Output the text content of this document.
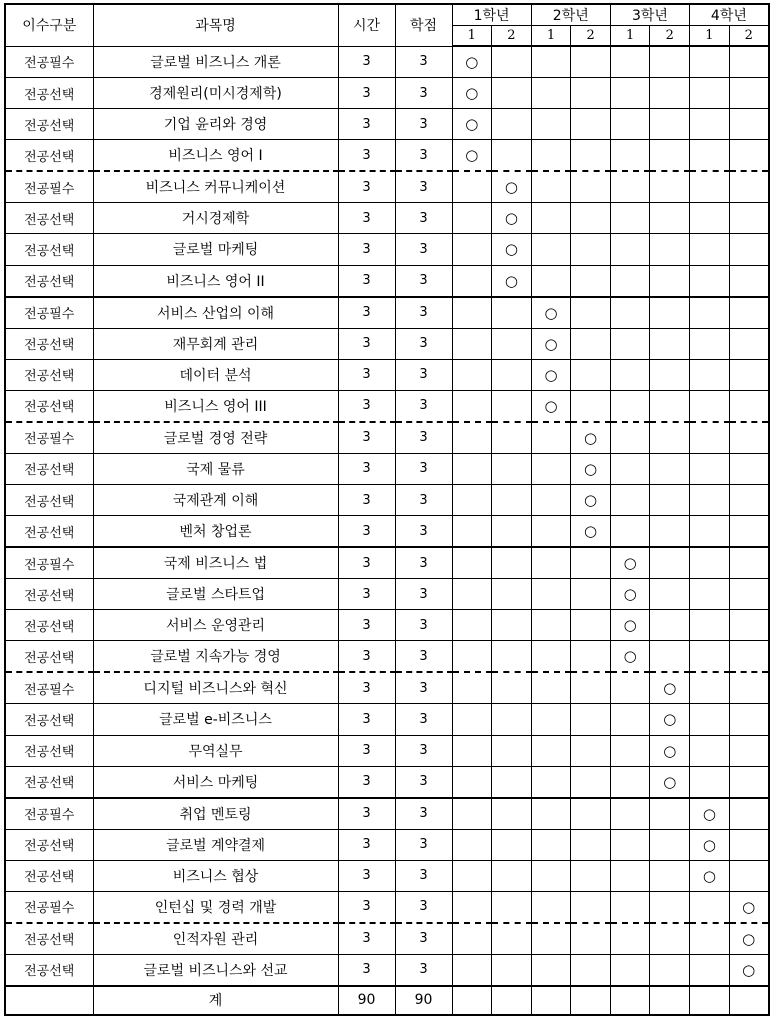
이수구분	과목명	시간	학점	1학년		2학년		3학년		4학년	
				1	2	1	2	1	2	1	2
전공필수	글로벌 비즈니스 개론	3	3	○							
전공선택	경제원리(미시경제학)	3	3	○							
전공선택	기업 윤리와 경영	3	3	○							
전공선택	비즈니스 영어 I	3	3	○							
전공필수	비즈니스 커뮤니케이션	3	3		○						
전공선택	거시경제학	3	3		○						
전공선택	글로벌 마케팅	3	3		○						
전공선택	비즈니스 영어 II	3	3		○						
전공필수	서비스 산업의 이해	3	3			○					
전공선택	재무회계 관리	3	3			○					
전공선택	데이터 분석	3	3			○					
전공선택	비즈니스 영어 III	3	3			○					
전공필수	글로벌 경영 전략	3	3				○				
전공선택	국제 물류	3	3				○				
전공선택	국제관계 이해	3	3				○				
전공선택	벤처 창업론	3	3				○				
전공필수	국제 비즈니스 법	3	3					○			
전공선택	글로벌 스타트업	3	3					○			
전공선택	서비스 운영관리	3	3					○			
전공선택	글로벌 지속가능 경영	3	3					○			
전공필수	디지털 비즈니스와 혁신	3	3						○		
전공선택	글로벌 e-비즈니스	3	3						○		
전공선택	무역실무	3	3						○		
전공선택	서비스 마케팅	3	3						○		
전공필수	취업 멘토링	3	3							○	
전공선택	글로벌 계약결제	3	3							○	
전공선택	비즈니스 협상	3	3							○	
전공필수	인턴십 및 경력 개발	3	3								○
전공선택	인적자원 관리	3	3								○
전공선택	글로벌 비즈니스와 선교	3	3								○
	계	90	90								
